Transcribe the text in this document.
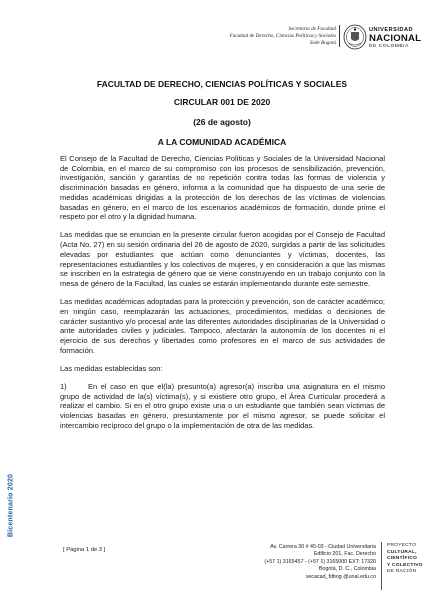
Secretaría de Facultad
Facultad de Derecho, Ciencias Políticas y Sociales
Sede Bogotá
UNIVERSIDAD
NACIONAL
DE COLOMBIA
FACULTAD DE DERECHO, CIENCIAS POLÍTICAS Y SOCIALES
CIRCULAR 001 DE 2020
(26 de agosto)
A LA COMUNIDAD ACADÉMICA

El Consejo de la Facultad de Derecho, Ciencias Políticas y Sociales de la Universidad Nacional de Colombia, en el marco de su compromiso con los procesos de sensibilización, prevención, investigación, sanción y garantías de no repetición contra todas las formas de violencia y discriminación basadas en género, informa a la comunidad que ha dispuesto de una serie de medidas académicas dirigidas a la protección de los derechos de las víctimas de violencias basadas en género, en el marco de los escenarios académicos de formación, donde prime el respeto por el otro y la dignidad humana.

Las medidas que se enuncian en la presente circular fueron acogidas por el Consejo de Facultad (Acta No. 27) en su sesión ordinaria del 26 de agosto de 2020, surgidas a partir de las solicitudes elevadas por estudiantes que actúan como denunciantes y víctimas, docentes, las representaciones estudiantiles y los colectivos de mujeres, y en consideración a que las mismas se inscriben en la estrategia de género que se viene construyendo en un trabajo conjunto con la mesa de género de la Facultad, las cuales se estarán implementando durante este semestre.

Las medidas académicas adoptadas para la protección y prevención, son de carácter académico; en ningún caso, reemplazarán las actuaciones, procedimientos, medidas o decisiones de carácter sustantivo y/o procesal ante las diferentes autoridades disciplinarias de la Universidad o ante autoridades civiles y judiciales. Tampoco, afectarán la autonomía de los docentes ni el ejercicio de sus derechos y libertades como profesores en el marco de sus actividades de formación.

Las medidas establecidas son:

1)	En el caso en que el(la) presunto(a) agresor(a) inscriba una asignatura en el mismo grupo de actividad de la(s) víctima(s), y si existiere otro grupo, el Área Curricular procederá a realizar el cambio. Si en el otro grupo existe una o un estudiante que también sean víctimas de violencias basadas en género, presuntamente por el mismo agresor, se puede solicitar el intercambio recíproco del grupo o la implementación de otra de las medidas.

Bicentenario 2020
[ Página 1 de 3 ]	Av. Carrera 30 # 45-03 - Ciudad Universitaria
Edificio 201, Fac. Derecho
(+57 1) 3165457 - (+57 1) 3165000 EXT: 17320
Bogotá, D. C., Colombia
secacad_fdbog @unal.edu.co
PROYECTO
CULTURAL,
CIENTÍFICO
Y COLECTIVO
DE NACIÓN
